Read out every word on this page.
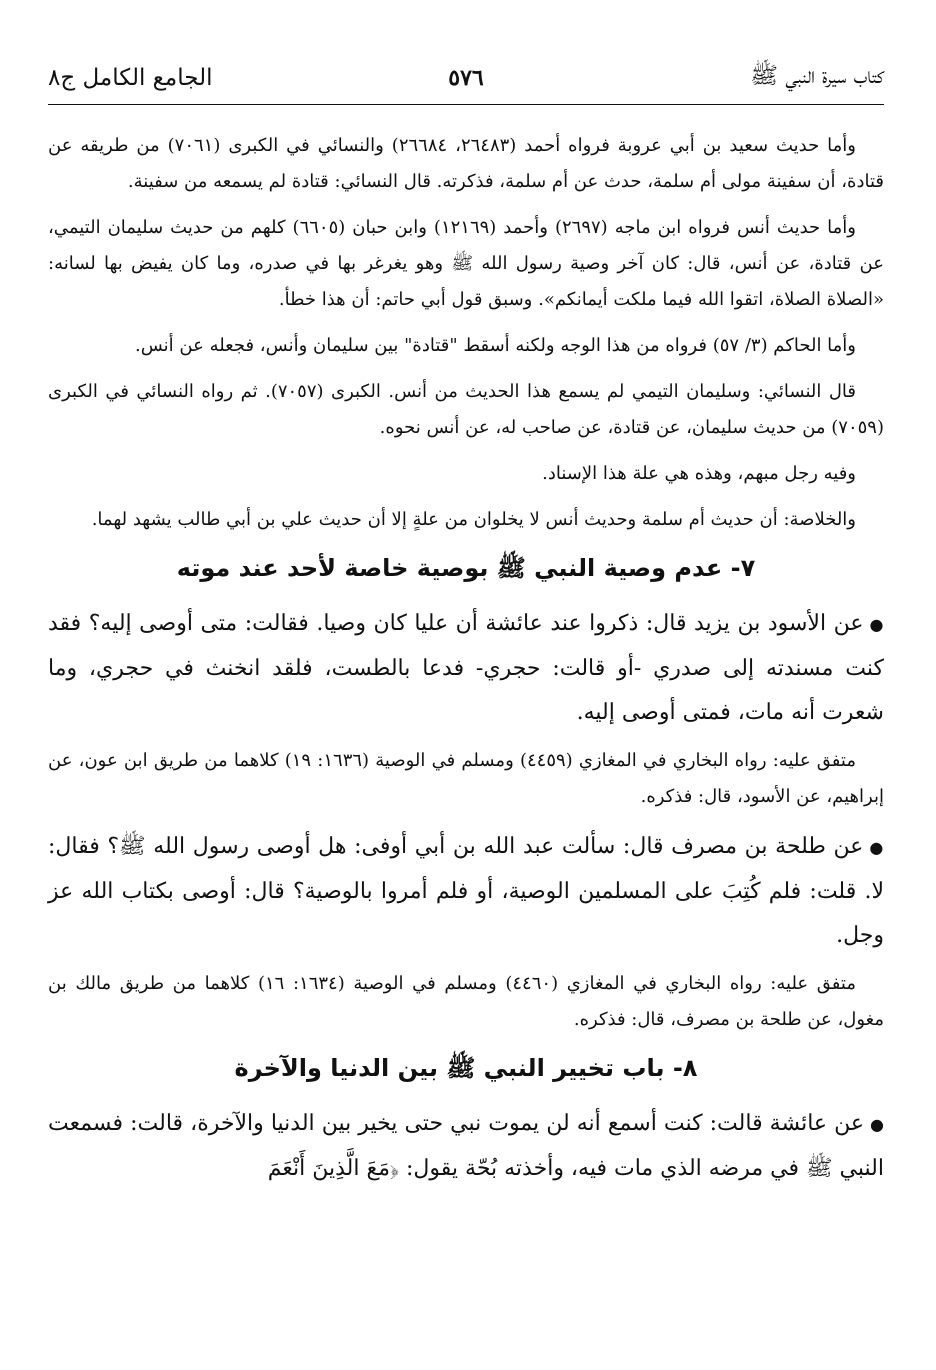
كتاب سيرة النبي ﷺ
٥٧٦
الجامع الكامل ج٨

وأما حديث سعيد بن أبي عروبة فرواه أحمد (٢٦٤٨٣، ٢٦٦٨٤) والنسائي في الكبرى (٧٠٦١) من طريقه عن قتادة، أن سفينة مولى أم سلمة، حدث عن أم سلمة، فذكرته. قال النسائي: قتادة لم يسمعه من سفينة.

وأما حديث أنس فرواه ابن ماجه (٢٦٩٧) وأحمد (١٢١٦٩) وابن حبان (٦٦٠٥) كلهم من حديث سليمان التيمي، عن قتادة، عن أنس، قال: كان آخر وصية رسول الله ﷺ وهو يغرغر بها في صدره، وما كان يفيض بها لسانه: «الصلاة الصلاة، اتقوا الله فيما ملكت أيمانكم». وسبق قول أبي حاتم: أن هذا خطأ.

وأما الحاكم (٣/ ٥٧) فرواه من هذا الوجه ولكنه أسقط "قتادة" بين سليمان وأنس، فجعله عن أنس.

قال النسائي: وسليمان التيمي لم يسمع هذا الحديث من أنس. الكبرى (٧٠٥٧). ثم رواه النسائي في الكبرى (٧٠٥٩) من حديث سليمان، عن قتادة، عن صاحب له، عن أنس نحوه.

وفيه رجل مبهم، وهذه هي علة هذا الإسناد.

والخلاصة: أن حديث أم سلمة وحديث أنس لا يخلوان من علةٍ إلا أن حديث علي بن أبي طالب يشهد لهما.

٧- عدم وصية النبي ﷺ بوصية خاصة لأحد عند موته

●عن الأسود بن يزيد قال: ذكروا عند عائشة أن عليا كان وصيا. فقالت: متى أوصى إليه؟ فقد كنت مسندته إلى صدري -أو قالت: حجري- فدعا بالطست، فلقد انخنث في حجري، وما شعرت أنه مات، فمتى أوصى إليه.

متفق عليه: رواه البخاري في المغازي (٤٤٥٩) ومسلم في الوصية (١٦٣٦: ١٩) كلاهما من طريق ابن عون، عن إبراهيم، عن الأسود، قال: فذكره.

●عن طلحة بن مصرف قال: سألت عبد الله بن أبي أوفى: هل أوصى رسول الله ﷺ؟ فقال: لا. قلت: فلم كُتِبَ على المسلمين الوصية، أو فلم أمروا بالوصية؟ قال: أوصى بكتاب الله عز وجل.

متفق عليه: رواه البخاري في المغازي (٤٤٦٠) ومسلم في الوصية (١٦٣٤: ١٦) كلاهما من طريق مالك بن مغول، عن طلحة بن مصرف، قال: فذكره.

٨- باب تخيير النبي ﷺ بين الدنيا والآخرة

●عن عائشة قالت: كنت أسمع أنه لن يموت نبي حتى يخير بين الدنيا والآخرة، قالت: فسمعت النبي ﷺ في مرضه الذي مات فيه، وأخذته بُحّة يقول: ﴿مَعَ الَّذِينَ أَنْعَمَ
